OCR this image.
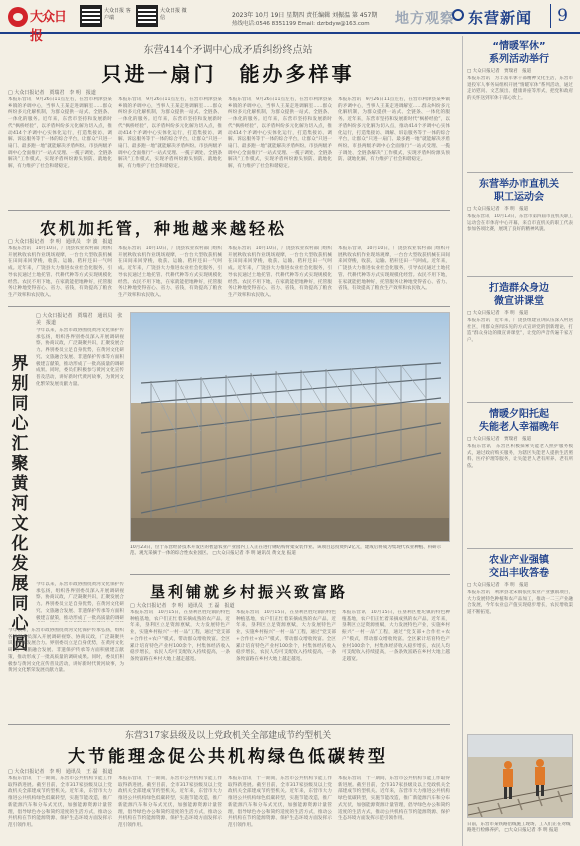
大众日报
大众日报 客户端
大众日报 微信	2023年 10月 19日 星期四 责任编辑 刘振温 第 457期
热线电话:0546 8351199 Email: dzrbdyw@163.com 地方观察 东营新闻	9
东营414个矛调中心成矛盾纠纷终点站
只进一扇门　能办多样事
□ 大众日报记者　贾瑞君　李 明　报道
本报东营讯　9月26日11点左右，在营市利津县某乡镇的矛调中心，当事人王某走进调解室……群众纠纷多元化解机制，为群众提供一站式、全链条、一体化的服务。近年来，东营市坚持和发展新时代“枫桥经验”，以矛盾纠纷多元化解为切入点，推动414个矛调中心实体化运行，打造集接访、调解、诉讼服务等于一体的综合平台，让群众“只进一扇门、最多跑一地”就能解决矛盾纠纷。市县两级矛调中心全面推行“一站式受理、一揽子调处、全链条解决”工作模式，实现矛盾纠纷源头预防、就地化解，有力维护了社会和谐稳定。
本报东营讯　9月26日11点左右，在营市利津县某乡镇的矛调中心，当事人王某走进调解室……群众纠纷多元化解机制，为群众提供一站式、全链条、一体化的服务。近年来，东营市坚持和发展新时代“枫桥经验”，以矛盾纠纷多元化解为切入点，推动414个矛调中心实体化运行，打造集接访、调解、诉讼服务等于一体的综合平台，让群众“只进一扇门、最多跑一地”就能解决矛盾纠纷。市县两级矛调中心全面推行“一站式受理、一揽子调处、全链条解决”工作模式，实现矛盾纠纷源头预防、就地化解，有力维护了社会和谐稳定。
本报东营讯　9月26日11点左右，在营市利津县某乡镇的矛调中心，当事人王某走进调解室……群众纠纷多元化解机制，为群众提供一站式、全链条、一体化的服务。近年来，东营市坚持和发展新时代“枫桥经验”，以矛盾纠纷多元化解为切入点，推动414个矛调中心实体化运行，打造集接访、调解、诉讼服务等于一体的综合平台，让群众“只进一扇门、最多跑一地”就能解决矛盾纠纷。市县两级矛调中心全面推行“一站式受理、一揽子调处、全链条解决”工作模式，实现矛盾纠纷源头预防、就地化解，有力维护了社会和谐稳定。
本报东营讯　9月26日11点左右，在营市利津县某乡镇的矛调中心，当事人王某走进调解室……群众纠纷多元化解机制，为群众提供一站式、全链条、一体化的服务。近年来，东营市坚持和发展新时代“枫桥经验”，以矛盾纠纷多元化解为切入点，推动414个矛调中心实体化运行，打造集接访、调解、诉讼服务等于一体的综合平台，让群众“只进一扇门、最多跑一地”就能解决矛盾纠纷。市县两级矛调中心全面推行“一站式受理、一揽子调处、全链条解决”工作模式，实现矛盾纠纷源头预防、就地化解，有力维护了社会和谐稳定。
农机加托管，种地越来越轻松
□ 大众日报记者　李 明　通讯员　李 波　报道
本报东营讯　10月10日，广饶县农业农村部门组织开展秋收农机作业现场观摩，一台台大型收获机械在田间来回穿梭，收获、运输、秸秆还田一气呵成。近年来，广饶县大力推进农业社会化服务，引导农民通过土地托管、代耕代种等方式实现规模化经营。农民不用下地，在家就能把地种好，托管服务让种地变得省心、省力、省钱，有效提高了粮食生产效率和农民收入。
本报东营讯　10月10日，广饶县农业农村部门组织开展秋收农机作业现场观摩，一台台大型收获机械在田间来回穿梭，收获、运输、秸秆还田一气呵成。近年来，广饶县大力推进农业社会化服务，引导农民通过土地托管、代耕代种等方式实现规模化经营。农民不用下地，在家就能把地种好，托管服务让种地变得省心、省力、省钱，有效提高了粮食生产效率和农民收入。
本报东营讯　10月10日，广饶县农业农村部门组织开展秋收农机作业现场观摩，一台台大型收获机械在田间来回穿梭，收获、运输、秸秆还田一气呵成。近年来，广饶县大力推进农业社会化服务，引导农民通过土地托管、代耕代种等方式实现规模化经营。农民不用下地，在家就能把地种好，托管服务让种地变得省心、省力、省钱，有效提高了粮食生产效率和农民收入。
本报东营讯　10月10日，广饶县农业农村部门组织开展秋收农机作业现场观摩，一台台大型收获机械在田间来回穿梭，收获、运输、秸秆还田一气呵成。近年来，广饶县大力推进农业社会化服务，引导农民通过土地托管、代耕代种等方式实现规模化经营。农民不用下地，在家就能把地种好，托管服务让种地变得省心、省力、省钱，有效提高了粮食生产效率和农民收入。
界
别
同
心
汇
聚
黄
河
文
化
发
展
同
心
圆
□ 大众日报记者　贾瑞君　通讯员　张 美　报道
今年以来，东营市政协围绕黄河文化保护传承弘扬，组织各界别委员深入开展调研视察、协商议政，广泛凝聚共识，汇聚发展合力。界别委员立足自身优势，在黄河文化研究、文旅融合发展、非遗保护传承等方面积极建言献策，推动形成了一批高质量的调研成果。同时，委员们积极参与黄河文化宣传普及活动，讲好新时代黄河故事，为黄河文化繁荣发展贡献力量。
今年以来，东营市政协围绕黄河文化保护传承弘扬，组织各界别委员深入开展调研视察、协商议政，广泛凝聚共识，汇聚发展合力。界别委员立足自身优势，在黄河文化研究、文旅融合发展、非遗保护传承等方面积极建言献策，推动形成了一批高质量的调研
10月23日，位于东营经济技术开发区的智慧农业产业园内工人正在进行钢结构骨架安装作业。该项目总投资约2亿元，建成后将成为集现代农业种植、科研示范、观光采摘于一体的综合性农业园区。 □大众日报记者 李 明 通讯员 黄文龙 报道
垦利铺就乡村振兴致富路
□ 大众日报记者　李 明　通讯员　王 磊　报道
本报东营讯　10月15日，在垦利区胜坨镇的特色种植基地，农户们正忙着采摘成熟的农产品。近年来，垦利区立足资源禀赋，大力发展特色产业，实施乡村振兴“一村一品”工程，通过“党支部+合作社+农户”模式，带动群众增收致富。全区累计培育特色产业村100余个，村集体经济收入稳步增长，农民人均可支配收入持续提高，一条条致富路在乡村大地上越走越宽。
本报东营讯　10月15日，在垦利区胜坨镇的特色种植基地，农户们正忙着采摘成熟的农产品。近年来，垦利区立足资源禀赋，大力发展特色产业，实施乡村振兴“一村一品”工程，通过“党支部+合作社+农户”模式，带动群众增收致富。全区累计培育特色产业村100余个，村集体经济收入稳步增长，农民人均可支配收入持续提高，一条条致富路在乡村大地上越走越宽。
本报东营讯　10月15日，在垦利区胜坨镇的特色种植基地，农户们正忙着采摘成熟的农产品。近年来，垦利区立足资源禀赋，大力发展特色产业，实施乡村振兴“一村一品”工程，通过“党支部+合作社+农户”模式，带动群众增收致富。全区累计培育特色产业村100余个，村集体经济收入稳步增长，农民人均可支配收入持续提高，一条条致富路在乡村大地上越走越宽。
今年以来，东营市政协围绕黄河文化保护传承弘扬，组织各界别委员深入开展调研视察、协商议政，广泛凝聚共识，汇聚发展合力。界别委员立足自身优势，在黄河文化研究、文旅融合发展、非遗保护传承等方面积极建言献策，推动形成了一批高质量的调研成果。同时，委员们积极参与黄河文化宣传普及活动，讲好新时代黄河故事，为黄河文化繁荣发展贡献力量。
东营317家县级及以上党政机关全部建成节约型机关
大节能理念促公共机构绿色低碳转型
□ 大众日报记者　李 明　通讯员　王 磊　报道
本报东营讯　十一期间，东营市公共机构节能工作取得新进展。截至目前，全市317家县级及以上党政机关全部建成节约型机关。近年来，东营市大力推进公共机构绿色低碳转型，实施节能改造，推广新能源汽车和分布式光伏，加强能源资源计量管理，倡导绿色办公和简约适度的生活方式，推动公共机构在节约能源资源、保护生态环境方面发挥示范引领作用。
本报东营讯　十一期间，东营市公共机构节能工作取得新进展。截至目前，全市317家县级及以上党政机关全部建成节约型机关。近年来，东营市大力推进公共机构绿色低碳转型，实施节能改造，推广新能源汽车和分布式光伏，加强能源资源计量管理，倡导绿色办公和简约适度的生活方式，推动公共机构在节约能源资源、保护生态环境方面发挥示范引领作用。
本报东营讯　十一期间，东营市公共机构节能工作取得新进展。截至目前，全市317家县级及以上党政机关全部建成节约型机关。近年来，东营市大力推进公共机构绿色低碳转型，实施节能改造，推广新能源汽车和分布式光伏，加强能源资源计量管理，倡导绿色办公和简约适度的生活方式，推动公共机构在节约能源资源、保护生态环境方面发挥示范引领作用。
本报东营讯　十一期间，东营市公共机构节能工作取得新进展。截至目前，全市317家县级及以上党政机关全部建成节约型机关。近年来，东营市大力推进公共机构绿色低碳转型，实施节能改造，推广新能源汽车和分布式光伏，加强能源资源计量管理，倡导绿色办公和简约适度的生活方式，推动公共机构在节约能源资源、保护生态环境方面发挥示范引领作用。
“情暖军休”
系列活动举行
□ 大众日报记者　贾瑞君　报道
本报东营讯　为丰富军休干部精神文化生活，东营市退役军人事务局组织开展“情暖军休”系列活动，通过走访慰问、文艺演出、健康讲座等形式，把党和政府的关怀送到军休干部心坎上。
东营举办市直机关
职工运动会
□ 大众日报记者　李 明　报道
本报东营讯　10月13日，东营市第四届市直机关职工运动会在市体育中心开幕，来自市直机关的职工代表参加各项比赛，展现了良好的精神风貌。
打造群众身边
微宣讲课堂
□ 大众日报记者　李 明　报道
本报东营讯　近年来，广饶县组建宣讲队伍深入村居社区，用群众喜闻乐见的方式宣讲党的创新理论，打造“群众身边的微宣讲课堂”，让党的声音传遍千家万户。
情暖夕阳托起
失能老人幸福晚年
□ 大众日报记者　贾瑞君　报道
本报东营讯　东营区积极探索失能老人照护服务模式，通过政府购买服务，为辖区失能老人提供生活照料、医疗护理等服务，让失能老人老有所养、老有所依。
农业产业强镇
交出丰收答卷
□ 大众日报记者　李 明　报道
本报东营讯　利津县北宋镇依托农业产业强镇项目，大力发展特色种植和农产品加工，推动一二三产业融合发展，今年农业总产值实现稳步增长，农民增收渠道不断拓宽。
日前，东营市某铁路沿线施工现场，工人们正在对线路进行检修养护。 □大众日报记者 李 明 报道
